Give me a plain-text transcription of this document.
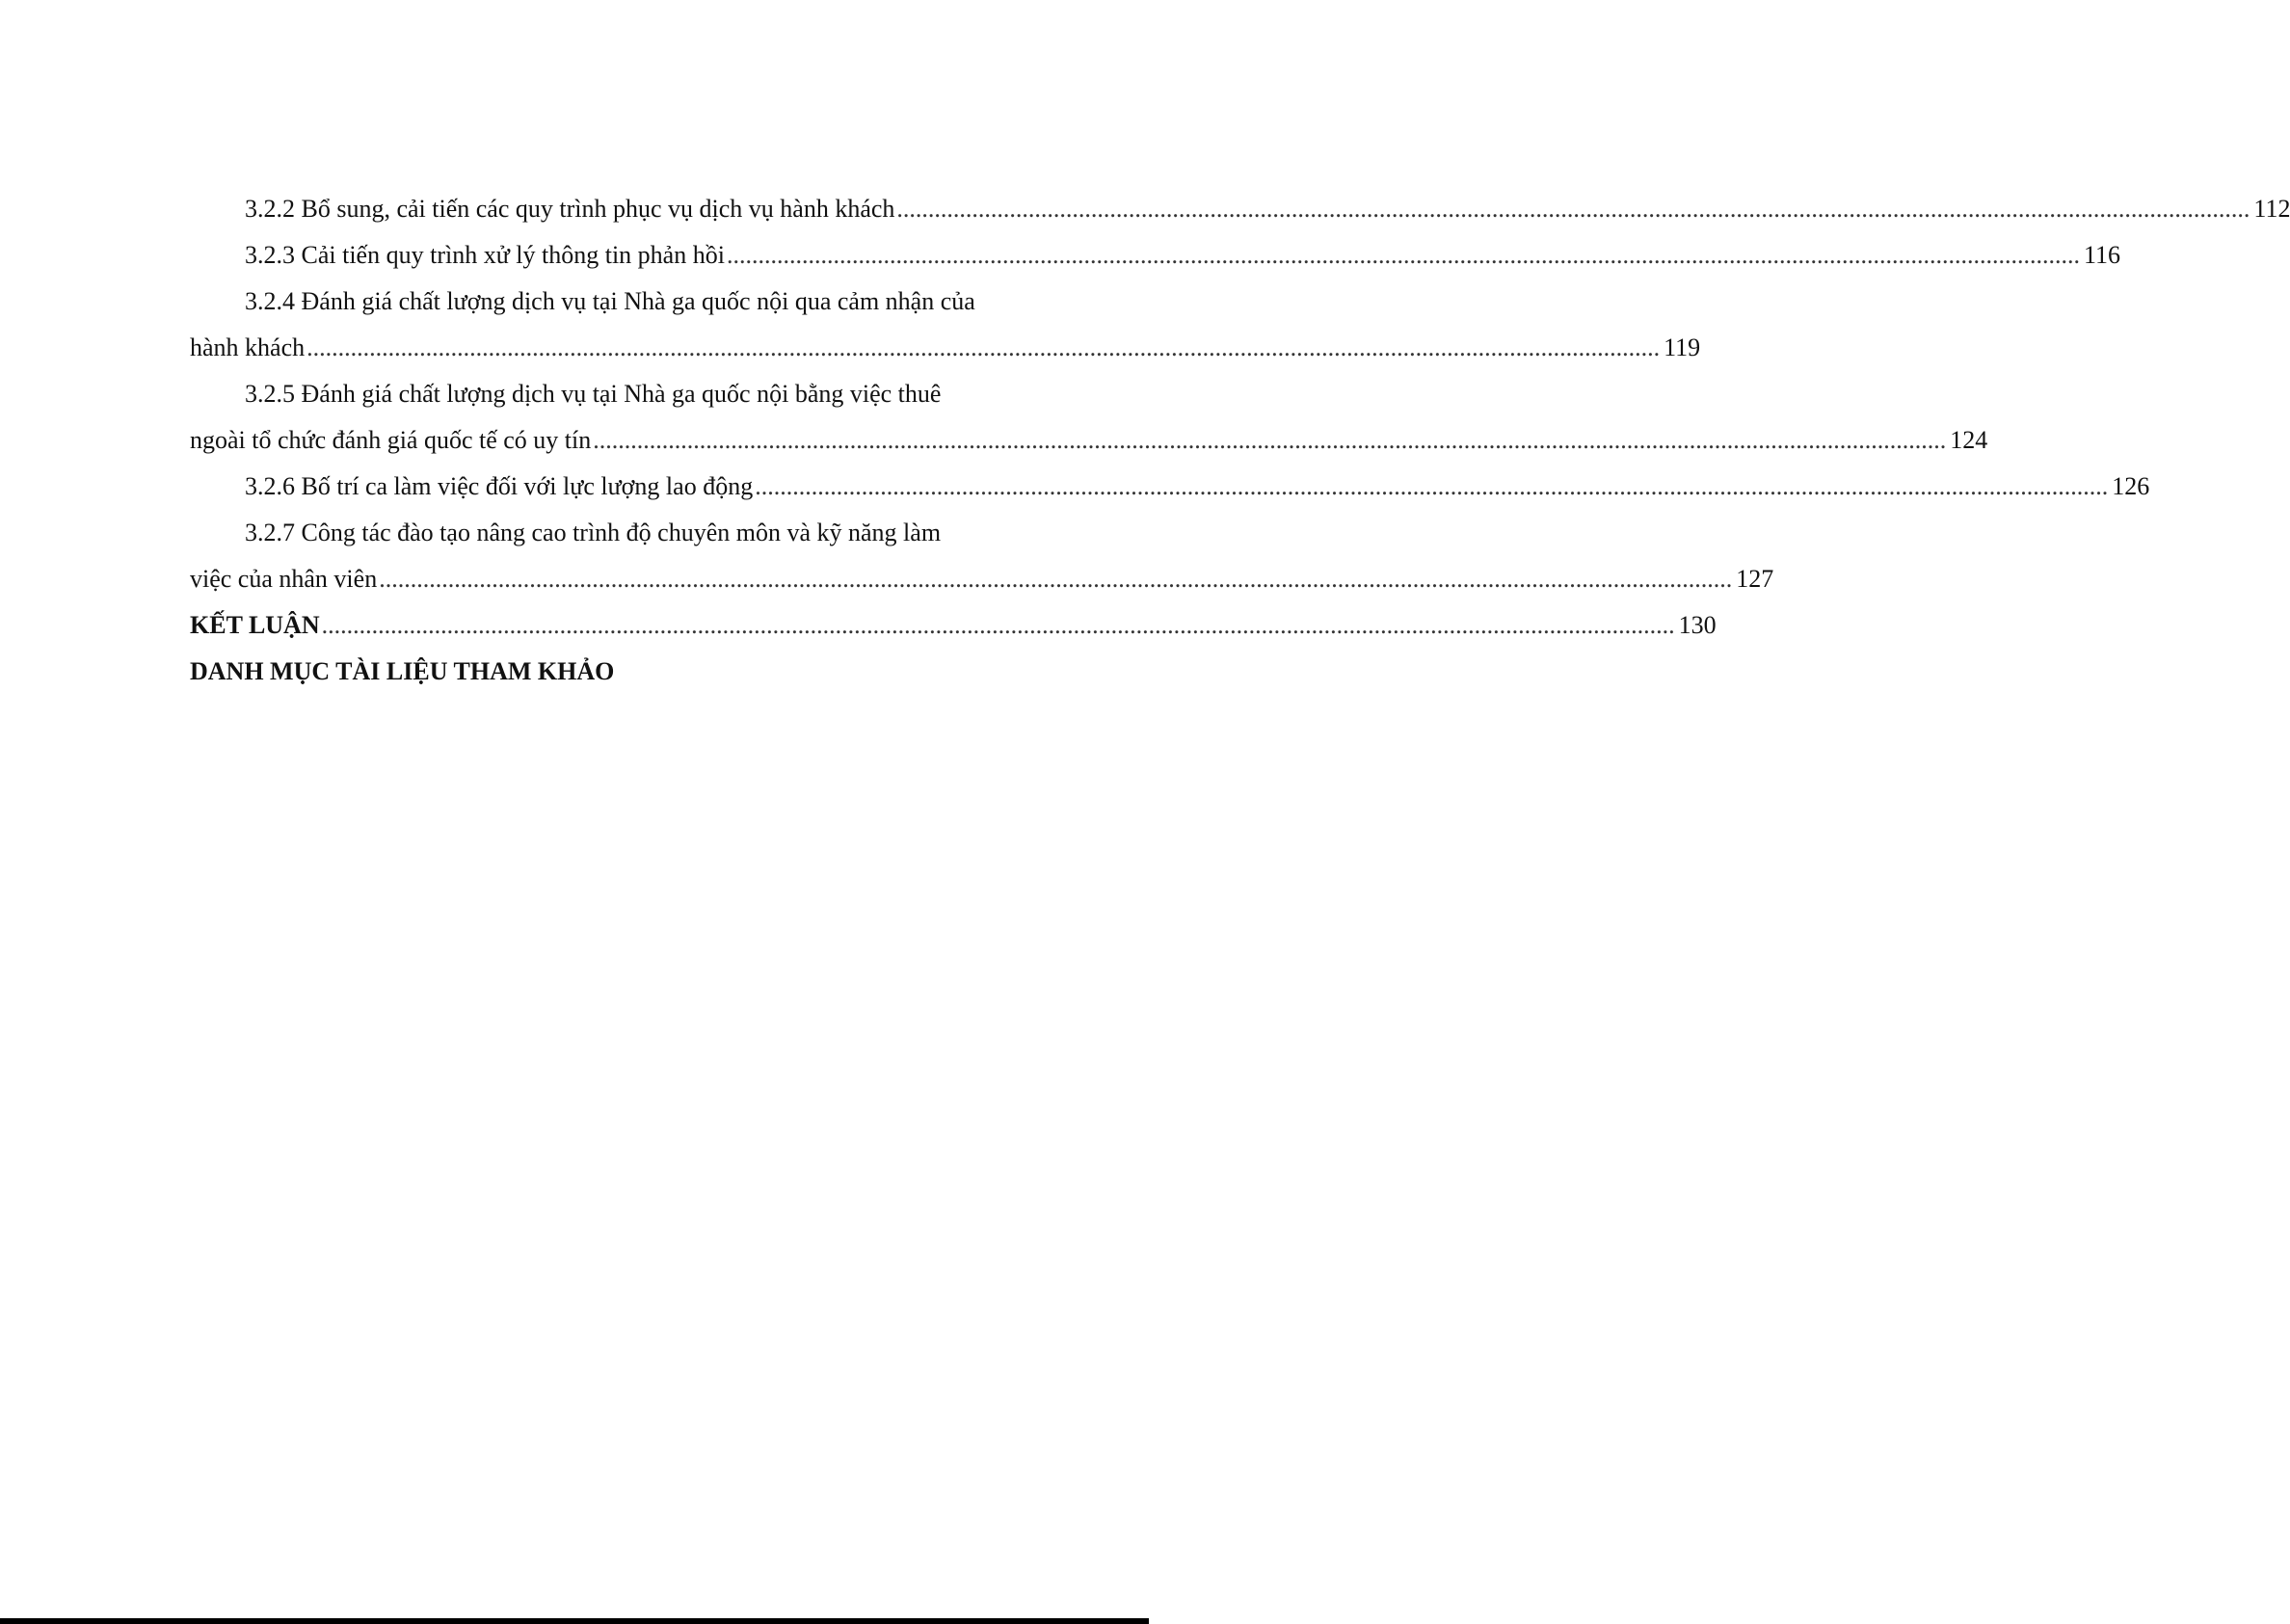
3.2.2 Bổ sung, cải tiến các quy trình phục vụ dịch vụ hành khách ........................................................................................................................................................................................................................ 112
3.2.3 Cải tiến quy trình xử lý thông tin phản hồi ........................................................................................................................................................................................................................ 116
3.2.4 Đánh giá chất lượng dịch vụ tại Nhà ga quốc nội qua cảm nhận của
hành khách ........................................................................................................................................................................................................................ 119
3.2.5 Đánh giá chất lượng dịch vụ tại Nhà ga quốc nội bằng việc thuê
ngoài tổ chức đánh giá quốc tế có uy tín ........................................................................................................................................................................................................................ 124
3.2.6 Bố trí ca làm việc đối với lực lượng lao động ........................................................................................................................................................................................................................ 126
3.2.7 Công tác đào tạo nâng cao trình độ chuyên môn và kỹ năng làm
việc của nhân viên ........................................................................................................................................................................................................................ 127
KẾT LUẬN ........................................................................................................................................................................................................................ 130
DANH MỤC TÀI LIỆU THAM KHẢO
